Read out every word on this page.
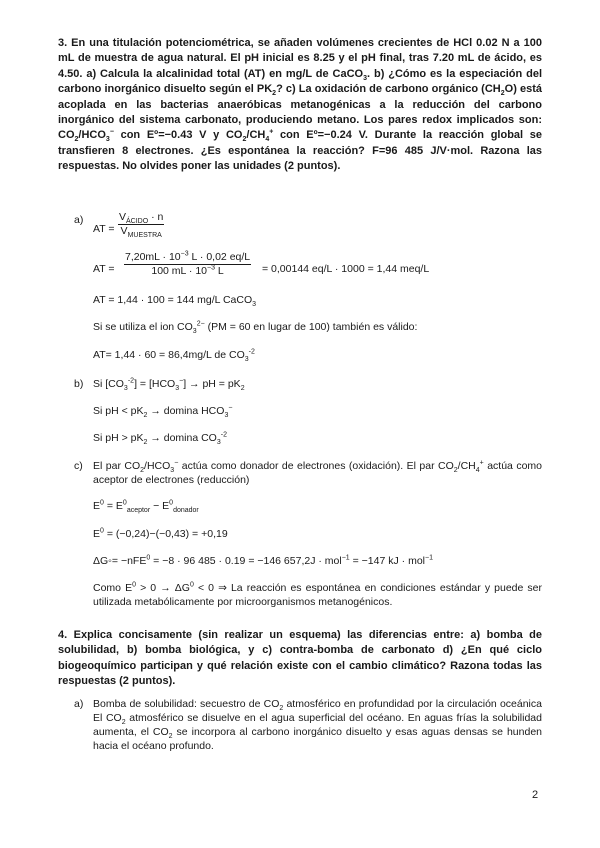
3. En una titulación potenciométrica, se añaden volúmenes crecientes de HCl 0.02 N a 100 mL de muestra de agua natural. El pH inicial es 8.25 y el pH final, tras 7.20 mL de ácido, es 4.50. a) Calcula la alcalinidad total (AT) en mg/L de CaCO$_3$. b) ¿Cómo es la especiación del carbono inorgánico disuelto según el $PK_2$? c) La oxidación de carbono orgánico $(CH_2O)$ está acoplada en las bacterias anaeróbicas metanogénicas a la reducción del carbono inorgánico del sistema carbonato, produciendo metano. Los pares redox implicados son: $CO_2/HCO_3^-$ con Eº=−0.43 V y $CO_2/CH_4^+$ con Eº=−0.24 V. Durante la reacción global se transfieren 8 electrones. ¿Es espontánea la reacción? F=96 485 J/V·mol. Razona las respuestas. No olvides poner las unidades (2 puntos).
a)
AT =
$V_{ÁCIDO} \cdot n$
$V_{MUESTRA}$
AT = $\frac{7,20mL \cdot 10^{-3} L \cdot 0,02 eq/L}{100 mL \cdot 10^{-3} L} = 0,00144$ eq/L · 1000 = 1,44 meq/L
AT = 1,44 · 100 = 144 mg/L CaCO$_3$
Si se utiliza el ion $CO_3^{2-}$ (PM = 60 en lugar de 100) también es válido:
AT= 1,44 · 60 = 86,4mg/L de $CO_3^{-2}$
b) Si $[CO_3^{-2}] = [HCO_3^-]$ → pH = $pK_2$
Si pH < $pK_2 \to domina$ $HCO_3^-$
Si pH > $pK_2 \to domina$ $CO_3^{-2}$
c) El par $CO_2/HCO_3^-$ actúa como donador de electrones (oxidación). El par $CO_2/CH_4^+$ actúa como aceptor de electrones (reducción)
$E^0 = E^0_{aceptor} - E^0_{donador}$
$E^0 = (-0,24)-(-0,43) = +0,19$
ΔG◦= −nFE$^0$ = −8 · 96 485 · 0.19 = −146 657,2J · mol$^{-1}$ = −147 kJ · mol$^{-1}$
Como $E^0 > 0 \to \Delta G^0 < 0$ ⇒ La reacción es espontánea en condiciones estándar y puede ser utilizada metabólicamente por microorganismos metanogénicos.
4. Explica concisamente (sin realizar un esquema) las diferencias entre: a) bomba de solubilidad, b) bomba biológica, y c) contra-bomba de carbonato d) ¿En qué ciclo biogeoquímico participan y qué relación existe con el cambio climático? Razona todas las respuestas (2 puntos).
a) Bomba de solubilidad: secuestro de $CO_2$ atmosférico en profundidad por la circulación oceánica El $CO_2$ atmosférico se disuelve en el agua superficial del océano. En aguas frías la solubilidad aumenta, el $CO_2$ se incorpora al carbono inorgánico disuelto y esas aguas densas se hunden hacia el océano profundo.
2
